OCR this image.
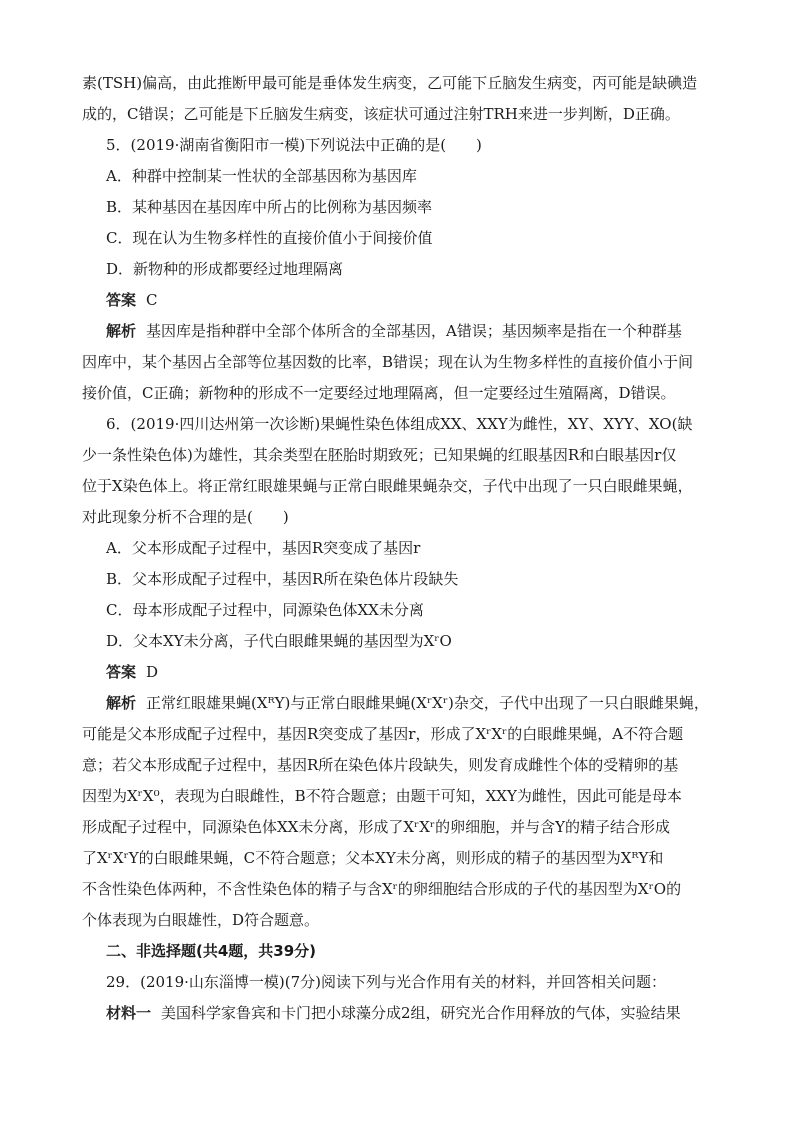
素(TSH)偏高，由此推断甲最可能是垂体发生病变，乙可能下丘脑发生病变，丙可能是缺碘造
成的，C错误；乙可能是下丘脑发生病变，该症状可通过注射TRH来进一步判断，D正确。
5．(2019·湖南省衡阳市一模)下列说法中正确的是(　　)
A．种群中控制某一性状的全部基因称为基因库
B．某种基因在基因库中所占的比例称为基因频率
C．现在认为生物多样性的直接价值小于间接价值
D．新物种的形成都要经过地理隔离
答案 C
解析 基因库是指种群中全部个体所含的全部基因，A错误；基因频率是指在一个种群基
因库中，某个基因占全部等位基因数的比率，B错误；现在认为生物多样性的直接价值小于间
接价值，C正确；新物种的形成不一定要经过地理隔离，但一定要经过生殖隔离，D错误。
6．(2019·四川达州第一次诊断)果蝇性染色体组成XX、XXY为雌性，XY、XYY、XO(缺
少一条性染色体)为雄性，其余类型在胚胎时期致死；已知果蝇的红眼基因R和白眼基因r仅
位于X染色体上。将正常红眼雄果蝇与正常白眼雌果蝇杂交，子代中出现了一只白眼雌果蝇，
对此现象分析不合理的是(　　)
A．父本形成配子过程中，基因R突变成了基因r
B．父本形成配子过程中，基因R所在染色体片段缺失
C．母本形成配子过程中，同源染色体XX未分离
D．父本XY未分离，子代白眼雌果蝇的基因型为XʳO
答案 D
解析 正常红眼雄果蝇(XᴿY)与正常白眼雌果蝇(XʳXʳ)杂交，子代中出现了一只白眼雌果蝇，
可能是父本形成配子过程中，基因R突变成了基因r，形成了XʳXʳ的白眼雌果蝇，A不符合题
意；若父本形成配子过程中，基因R所在染色体片段缺失，则发育成雌性个体的受精卵的基
因型为XʳX⁰，表现为白眼雌性，B不符合题意；由题干可知，XXY为雌性，因此可能是母本
形成配子过程中，同源染色体XX未分离，形成了XʳXʳ的卵细胞，并与含Y的精子结合形成
了XʳXʳY的白眼雌果蝇，C不符合题意；父本XY未分离，则形成的精子的基因型为XᴿY和
不含性染色体两种，不含性染色体的精子与含Xʳ的卵细胞结合形成的子代的基因型为XʳO的
个体表现为白眼雄性，D符合题意。
二、非选择题(共4题，共39分)
29．(2019·山东淄博一模)(7分)阅读下列与光合作用有关的材料，并回答相关问题：
材料一 美国科学家鲁宾和卡门把小球藻分成2组，研究光合作用释放的气体，实验结果
